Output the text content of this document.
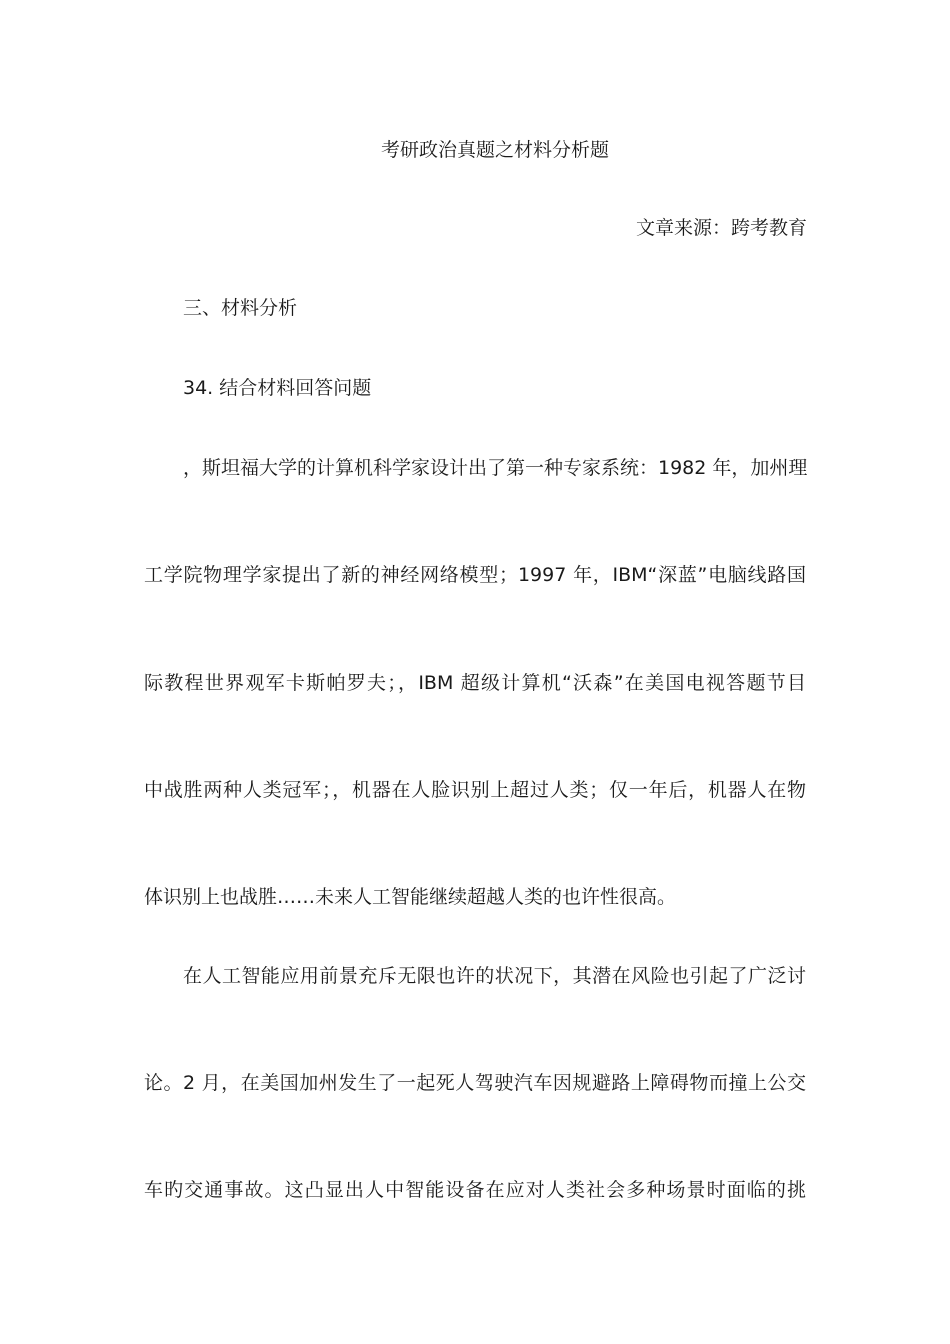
考研政治真题之材料分析题

文章来源：跨考教育

三、材料分析

34. 结合材料回答问题

，斯坦福大学的计算机科学家设计出了第一种专家系统：1982 年，加州理

工学院物理学家提出了新的神经网络模型；1997 年，IBM“深蓝”电脑线路国

际教程世界观军卡斯帕罗夫；，IBM 超级计算机“沃森”在美国电视答题节目

中战胜两种人类冠军；，机器在人脸识别上超过人类；仅一年后，机器人在物

体识别上也战胜……未来人工智能继续超越人类的也许性很高。

在人工智能应用前景充斥无限也许的状况下，其潜在风险也引起了广泛讨

论。2 月，在美国加州发生了一起死人驾驶汽车因规避路上障碍物而撞上公交

车旳交通事故。这凸显出人中智能设备在应对人类社会多种场景时面临的挑
